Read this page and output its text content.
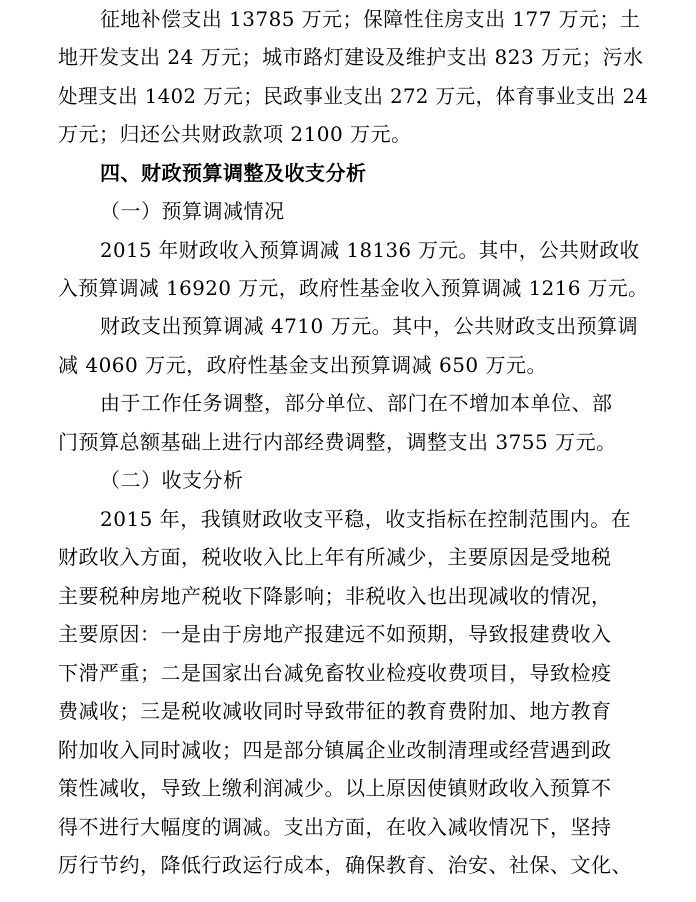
征地补偿支出 13785 万元；保障性住房支出 177 万元；土
地开发支出 24 万元；城市路灯建设及维护支出 823 万元；污水
处理支出 1402 万元；民政事业支出 272 万元，体育事业支出 24
万元；归还公共财政款项 2100 万元。
四、财政预算调整及收支分析
（一）预算调减情况
2015 年财政收入预算调减 18136 万元。其中，公共财政收
入预算调减 16920 万元，政府性基金收入预算调减 1216 万元。
财政支出预算调减 4710 万元。其中，公共财政支出预算调
减 4060 万元，政府性基金支出预算调减 650 万元。
由于工作任务调整，部分单位、部门在不增加本单位、部
门预算总额基础上进行内部经费调整，调整支出 3755 万元。
（二）收支分析
2015 年，我镇财政收支平稳，收支指标在控制范围内。在
财政收入方面，税收收入比上年有所减少，主要原因是受地税
主要税种房地产税收下降影响；非税收入也出现减收的情况，
主要原因：一是由于房地产报建远不如预期，导致报建费收入
下滑严重；二是国家出台减免畜牧业检疫收费项目，导致检疫
费减收；三是税收减收同时导致带征的教育费附加、地方教育
附加收入同时减收；四是部分镇属企业改制清理或经营遇到政
策性减收，导致上缴利润减少。以上原因使镇财政收入预算不
得不进行大幅度的调减。支出方面，在收入减收情况下，坚持
厉行节约，降低行政运行成本，确保教育、治安、社保、文化、
